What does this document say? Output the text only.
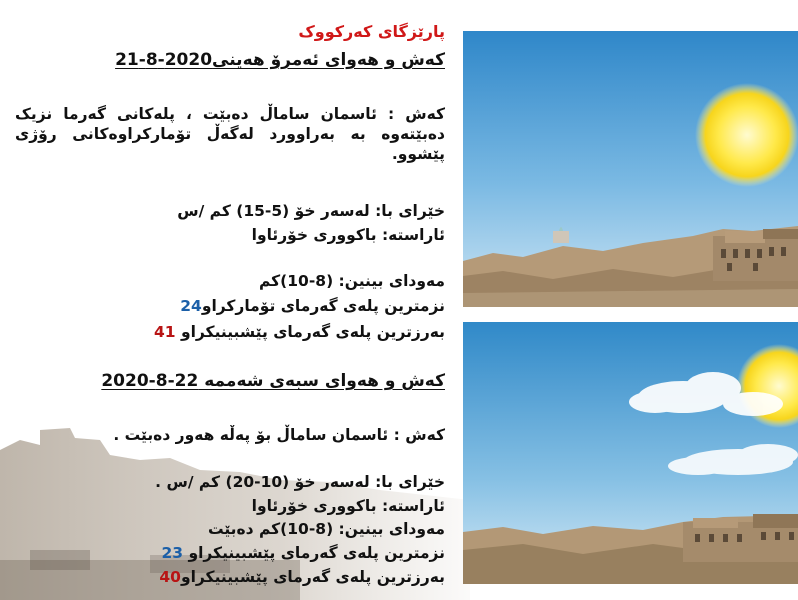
پارێزگای کەرکووک
کەش و هەوای ئەمرۆ هەینی2020-8-21
کەش : ئاسمان ساماڵ دەبێت ، پلەکانی گەرما نزیک دەبێتەوە بە بەراوورد لەگەڵ تۆمارکراوەکانی رۆژی پێشوو.
خێرای با: لەسەر خۆ (5-15) کم /س
ئاراستە: باکووری خۆرئاوا
مەودای بینین: (8-10)کم
نزمترین پلەی گەرمای تۆمارکراو24
بەرزترین پلەی گەرمای پێشبینیکراو 41
کەش و هەوای سبەی شەممە 22-8-2020
کەش : ئاسمان ساماڵ بۆ پەڵە هەور دەبێت .
خێرای با: لەسەر خۆ (10-20) کم /س .
ئاراستە: باکووری خۆرئاوا
مەودای بینین: (8-10)کم دەبێت
نزمترین پلەی گەرمای پێشبینیکراو 23
بەرزترین پلەی گەرمای پێشبینیکراو40
